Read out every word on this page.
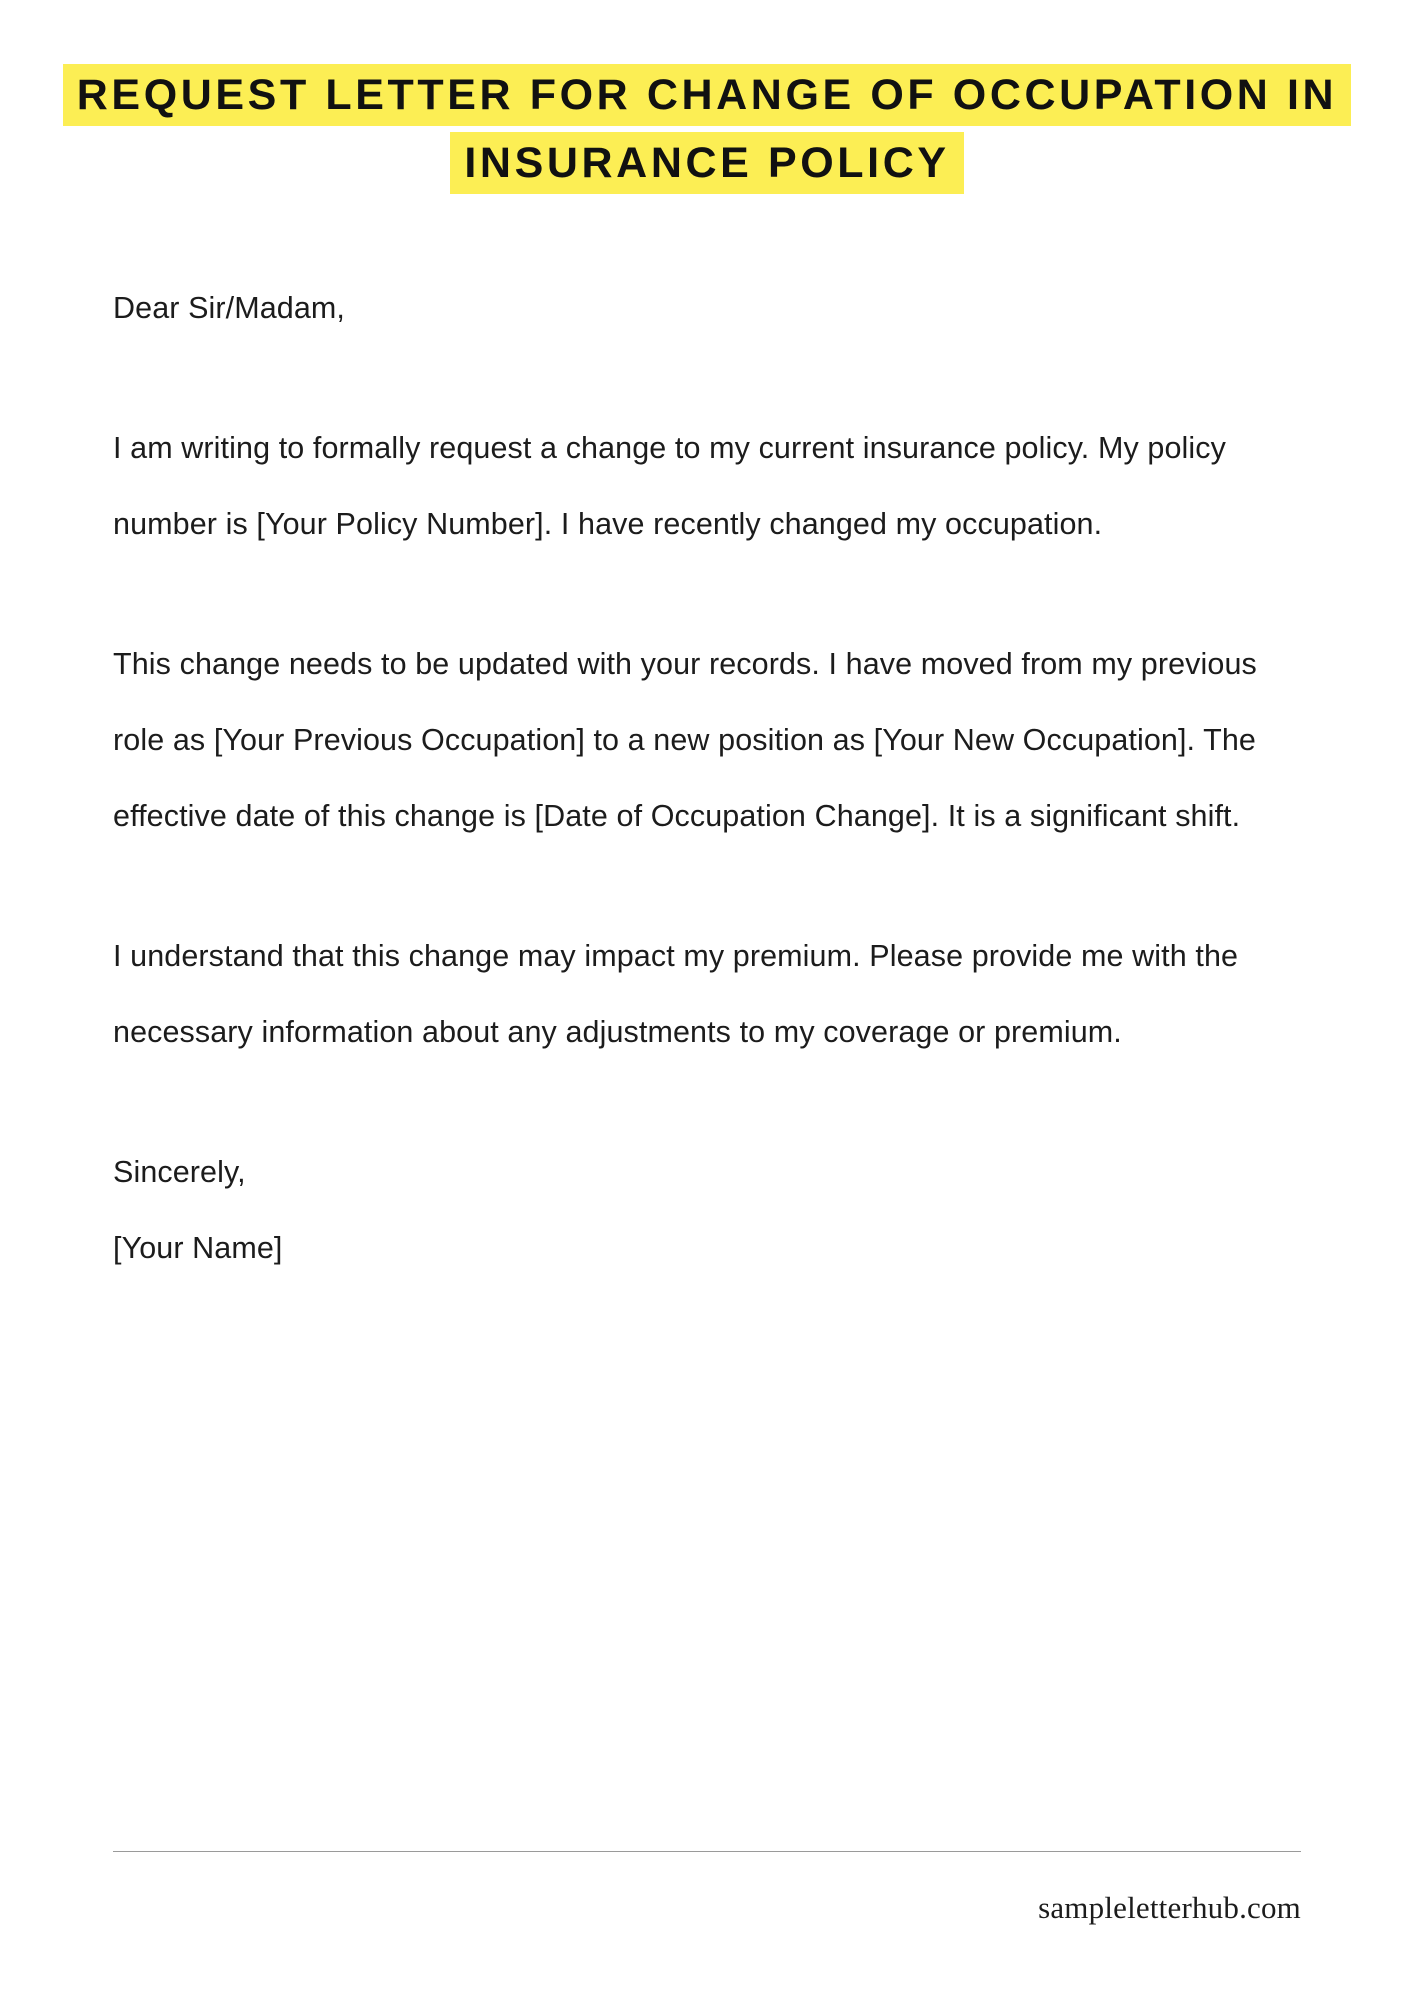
REQUEST LETTER FOR CHANGE OF OCCUPATION IN INSURANCE POLICY

Dear Sir/Madam,

I am writing to formally request a change to my current insurance policy. My policy number is [Your Policy Number]. I have recently changed my occupation.

This change needs to be updated with your records. I have moved from my previous role as [Your Previous Occupation] to a new position as [Your New Occupation]. The effective date of this change is [Date of Occupation Change]. It is a significant shift.

I understand that this change may impact my premium. Please provide me with the necessary information about any adjustments to my coverage or premium.

Sincerely,

[Your Name]

sampleletterhub.com
